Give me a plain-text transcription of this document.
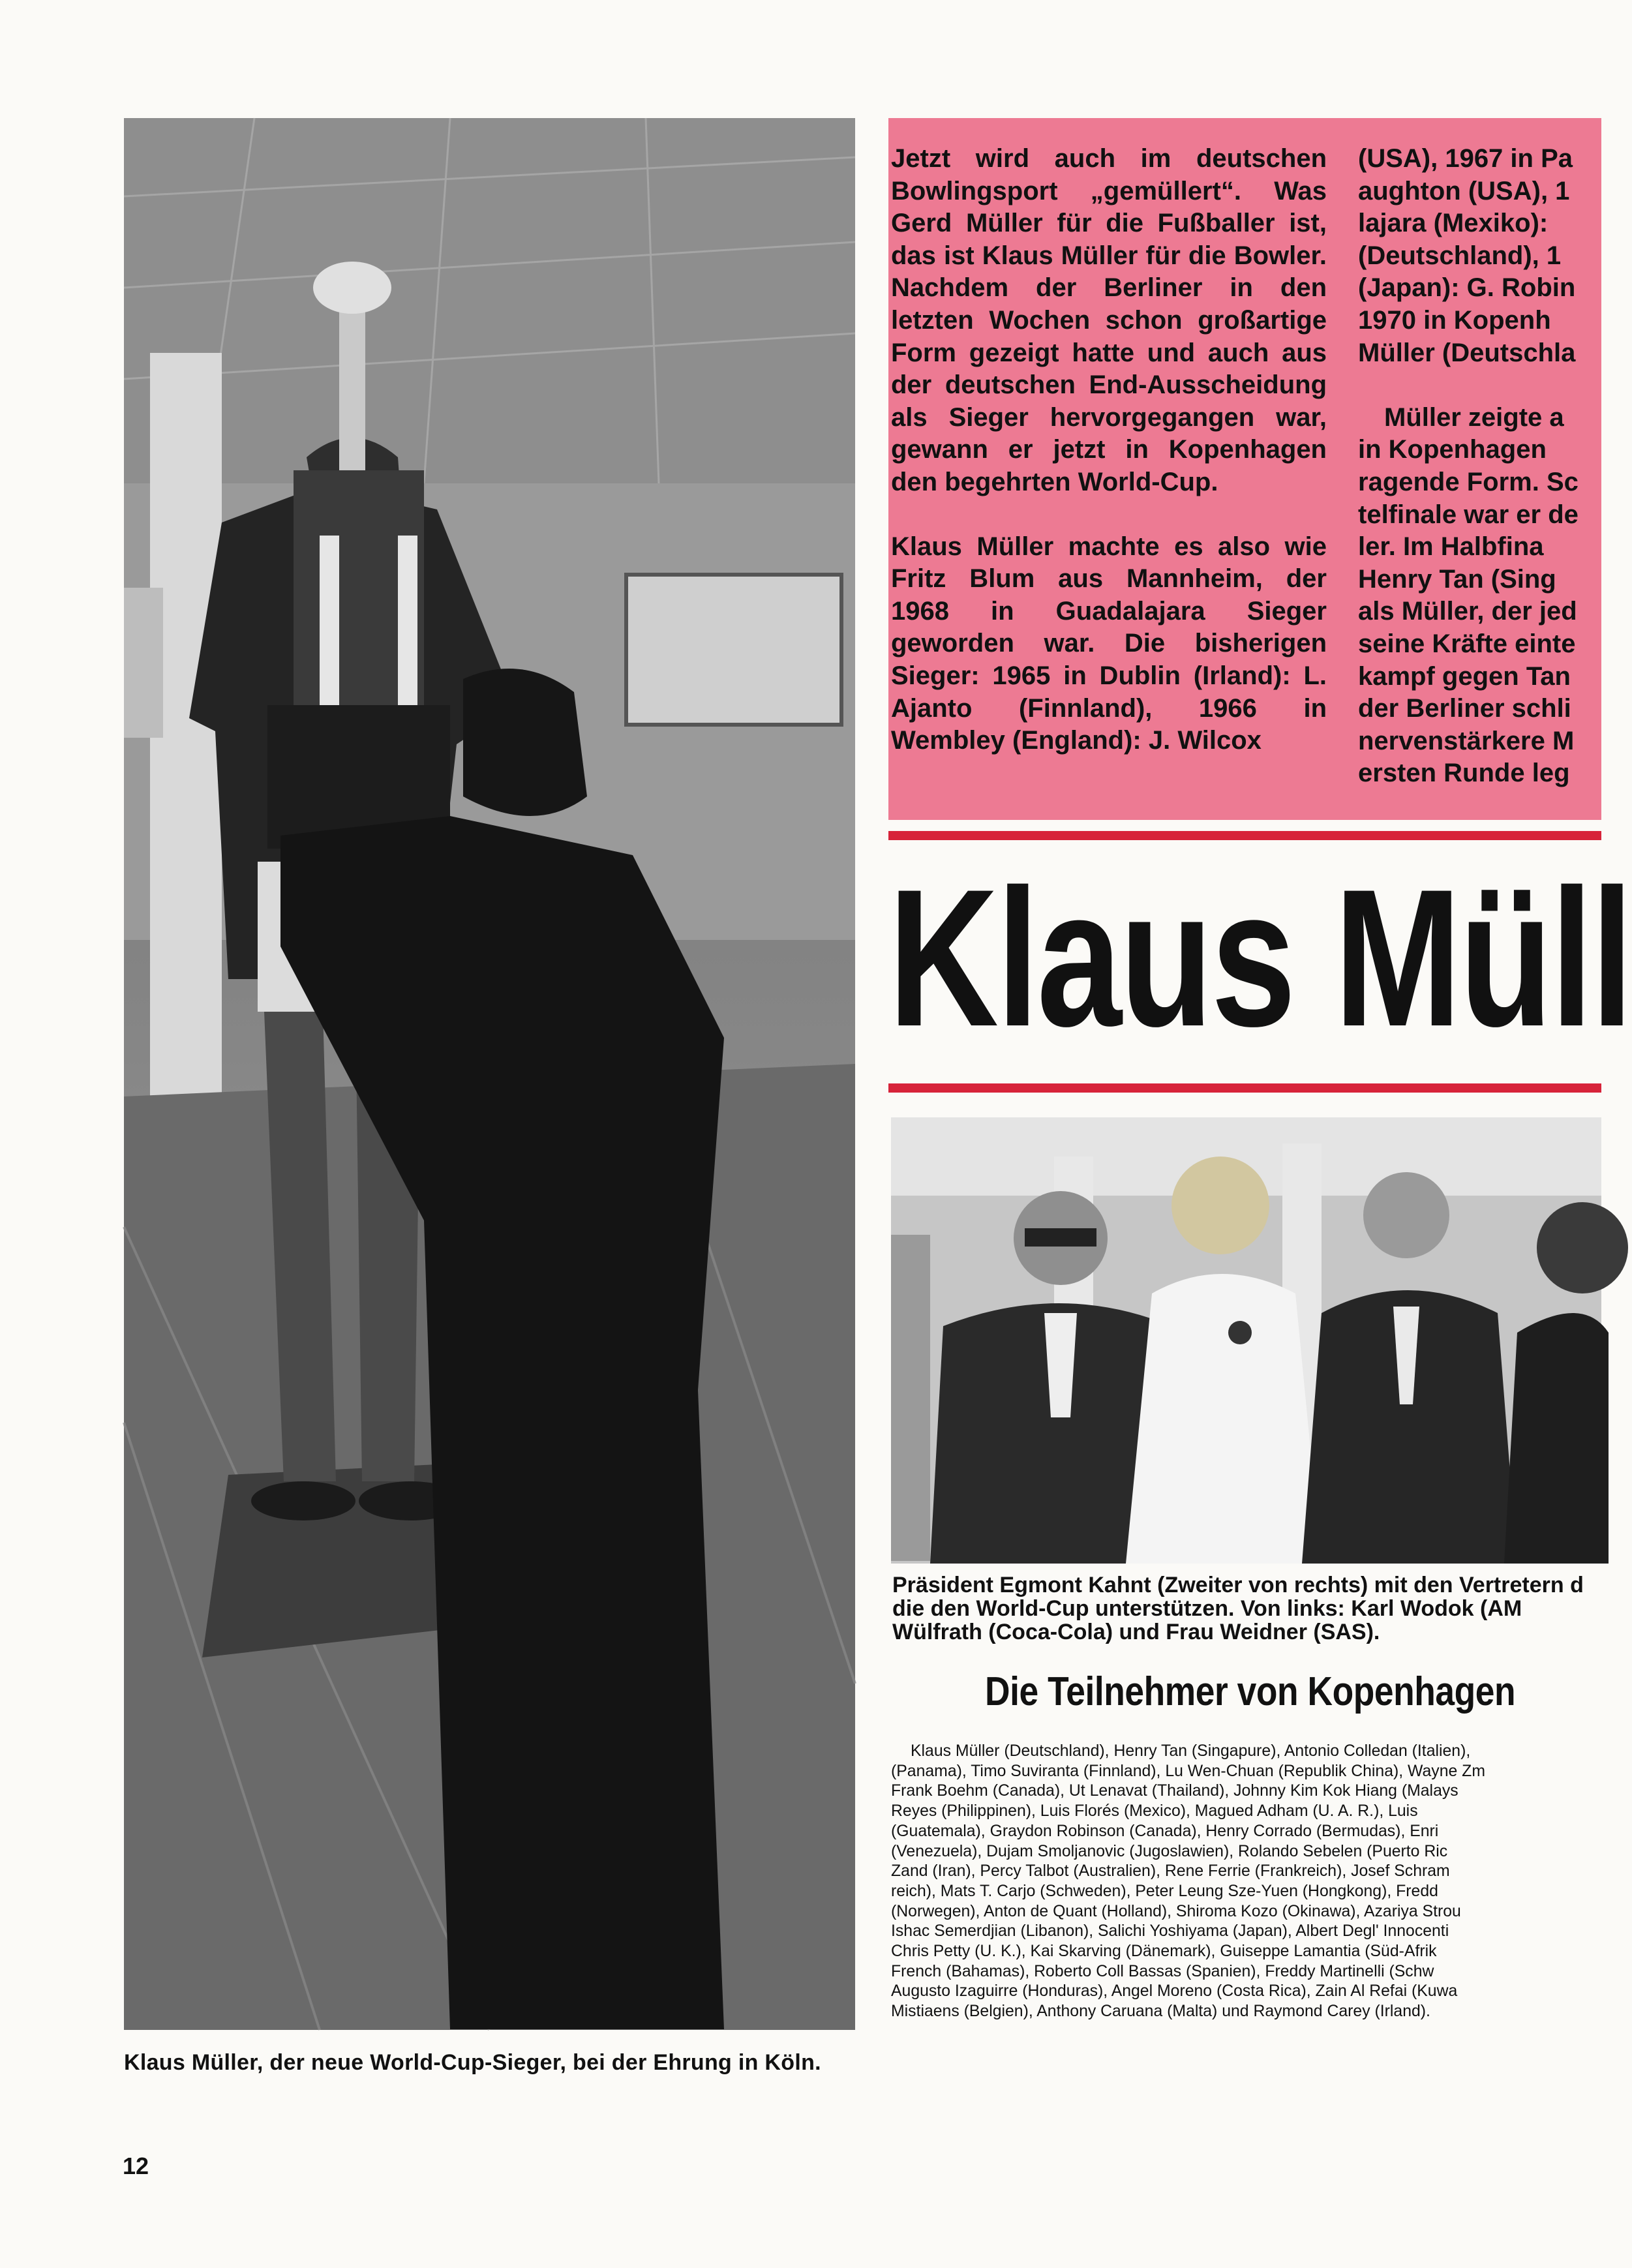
Klaus Müller, der neue World-Cup-Sieger, bei der Ehrung in Köln.
12

Jetzt wird auch im deutschen Bowlingsport „gemüllert“. Was Gerd Müller für die Fußballer ist, das ist Klaus Müller für die Bowler. Nachdem der Berliner in den letzten Wochen schon großartige Form gezeigt hatte und auch aus der deutschen End-Ausscheidung als Sieger hervorgegangen war, gewann er jetzt in Kopenhagen den begehrten World-Cup.

Klaus Müller machte es also wie Fritz Blum aus Mannheim, der 1968 in Guadalajara Sieger geworden war. Die bisherigen Sieger: 1965 in Dublin (Irland): L. Ajanto (Finnland), 1966 in Wembley (England): J. Wilcox

(USA), 1967 in Pa
aughton (USA), 1
lajara (Mexiko):
(Deutschland), 1
(Japan): G. Robin
1970 in Kopenh
Müller (Deutschla
Müller zeigte a
in Kopenhagen
ragende Form. Sc
telfinale war er de
ler. Im Halbfina
Henry Tan (Sing
als Müller, der jed
seine Kräfte einte
kampf gegen Tan
der Berliner schli
nervenstärkere M
ersten Runde leg
Klaus Müll
Präsident Egmont Kahnt (Zweiter von rechts) mit den Vertretern d
die den World-Cup unterstützen. Von links: Karl Wodok (AM
Wülfrath (Coca-Cola) und Frau Weidner (SAS).
Die Teilnehmer von Kopenhagen
Klaus Müller (Deutschland), Henry Tan (Singapure), Antonio Colledan (Italien),
(Panama), Timo Suviranta (Finnland), Lu Wen-Chuan (Republik China), Wayne Zm
Frank Boehm (Canada), Ut Lenavat (Thailand), Johnny Kim Kok Hiang (Malays
Reyes (Philippinen), Luis Florés (Mexico), Magued Adham (U. A. R.), Luis
(Guatemala), Graydon Robinson (Canada), Henry Corrado (Bermudas), Enri
(Venezuela), Dujam Smoljanovic (Jugoslawien), Rolando Sebelen (Puerto Ric
Zand (Iran), Percy Talbot (Australien), Rene Ferrie (Frankreich), Josef Schram
reich), Mats T. Carjo (Schweden), Peter Leung Sze-Yuen (Hongkong), Fredd
(Norwegen), Anton de Quant (Holland), Shiroma Kozo (Okinawa), Azariya Strou
Ishac Semerdjian (Libanon), Salichi Yoshiyama (Japan), Albert Degl' Innocenti
Chris Petty (U. K.), Kai Skarving (Dänemark), Guiseppe Lamantia (Süd-Afrik
French (Bahamas), Roberto Coll Bassas (Spanien), Freddy Martinelli (Schw
Augusto Izaguirre (Honduras), Angel Moreno (Costa Rica), Zain Al Refai (Kuwa
Mistiaens (Belgien), Anthony Caruana (Malta) und Raymond Carey (Irland).
